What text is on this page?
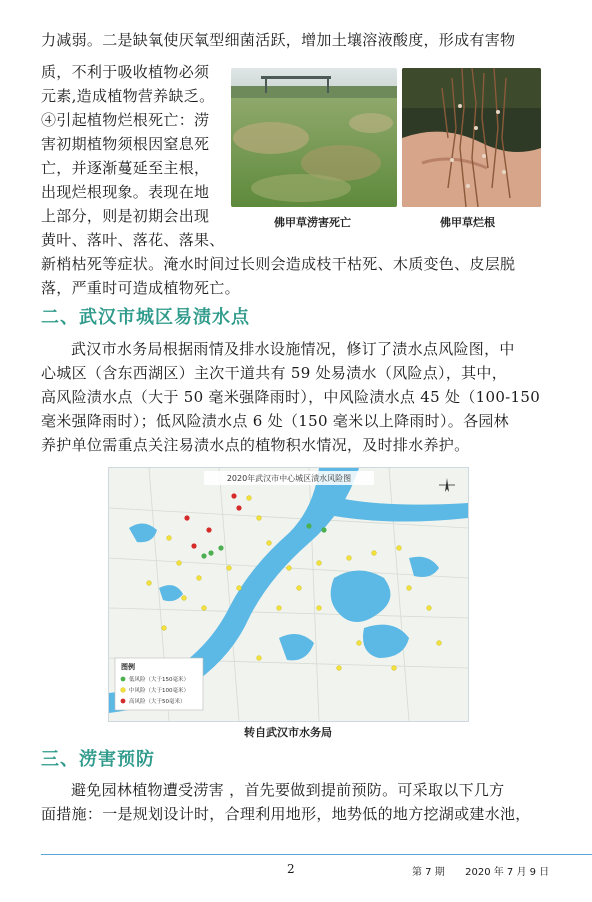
力减弱。二是缺氧使厌氧型细菌活跃，增加土壤溶液酸度，形成有害物
质，不利于吸收植物必须
元素,造成植物营养缺乏。
④引起植物烂根死亡：涝
害初期植物须根因窒息死
亡，并逐渐蔓延至主根，
出现烂根现象。表现在地
上部分，则是初期会出现
黄叶、落叶、落花、落果、
新梢枯死等症状。淹水时间过长则会造成枝干枯死、木质变色、皮层脱
落，严重时可造成植物死亡。
佛甲草涝害死亡	佛甲草烂根
二、武汉市城区易渍水点
武汉市水务局根据雨情及排水设施情况，修订了渍水点风险图，中
心城区（含东西湖区）主次干道共有 59 处易渍水（风险点），其中，
高风险渍水点（大于 50 毫米强降雨时），中风险渍水点 45 处（100-150
毫米强降雨时）；低风险渍水点 6 处（150 毫米以上降雨时）。各园林
养护单位需重点关注易渍水点的植物积水情况，及时排水养护。
2020年武汉市中心城区渍水风险图
图例
低风险（大于150毫米）
中风险（大于100毫米）
高风险（大于50毫米）
转自武汉市水务局
三、涝害预防
避免园林植物遭受涝害 ，首先要做到提前预防。可采取以下几方
面措施：一是规划设计时，合理利用地形，地势低的地方挖湖或建水池，
2	第 7 期 2020 年 7 月 9 日
